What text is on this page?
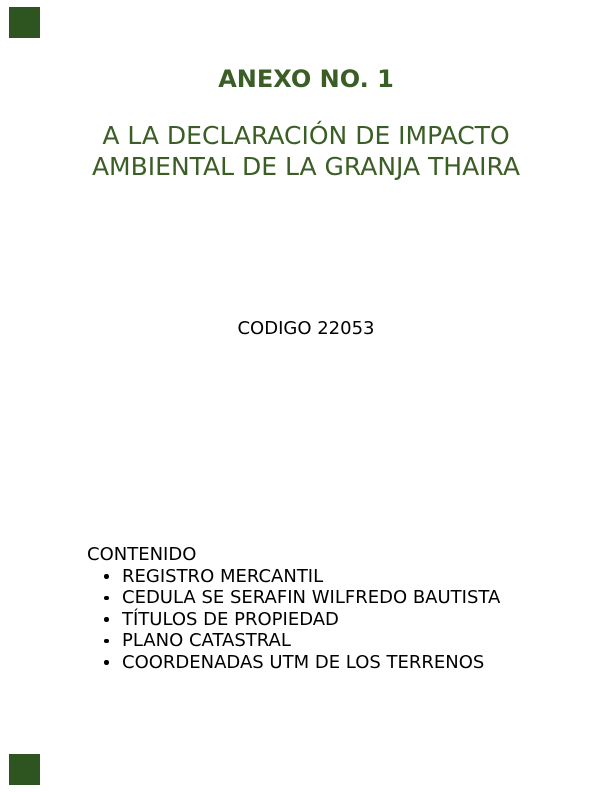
ANEXO NO. 1
A LA DECLARACIÓN DE IMPACTO
AMBIENTAL DE LA GRANJA THAIRA
CODIGO 22053
CONTENIDO
REGISTRO MERCANTIL
CEDULA SE SERAFIN WILFREDO BAUTISTA
TÍTULOS DE PROPIEDAD
PLANO CATASTRAL
COORDENADAS UTM DE LOS TERRENOS
